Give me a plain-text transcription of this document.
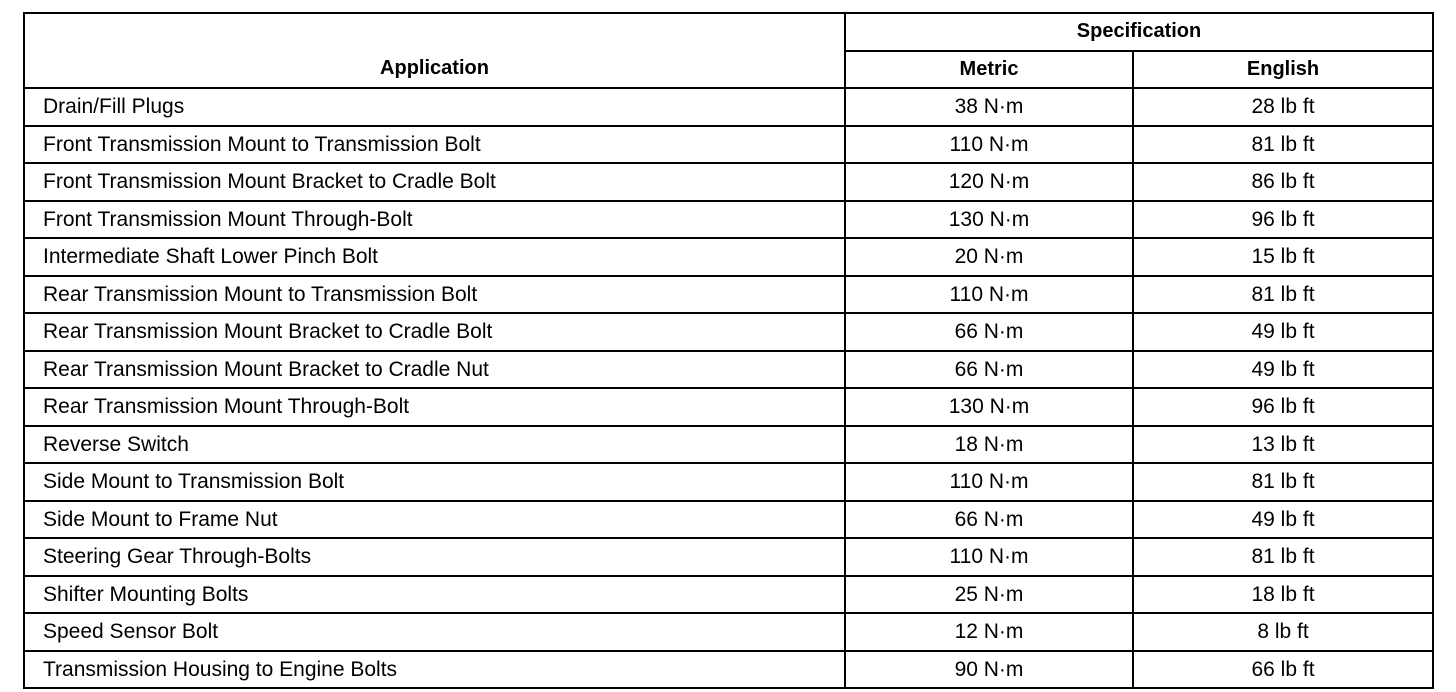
Application	Specification	
	Metric	English
Drain/Fill Plugs	38 N·m	28 lb ft
Front Transmission Mount to Transmission Bolt	110 N·m	81 lb ft
Front Transmission Mount Bracket to Cradle Bolt	120 N·m	86 lb ft
Front Transmission Mount Through-Bolt	130 N·m	96 lb ft
Intermediate Shaft Lower Pinch Bolt	20 N·m	15 lb ft
Rear Transmission Mount to Transmission Bolt	110 N·m	81 lb ft
Rear Transmission Mount Bracket to Cradle Bolt	66 N·m	49 lb ft
Rear Transmission Mount Bracket to Cradle Nut	66 N·m	49 lb ft
Rear Transmission Mount Through-Bolt	130 N·m	96 lb ft
Reverse Switch	18 N·m	13 lb ft
Side Mount to Transmission Bolt	110 N·m	81 lb ft
Side Mount to Frame Nut	66 N·m	49 lb ft
Steering Gear Through-Bolts	110 N·m	81 lb ft
Shifter Mounting Bolts	25 N·m	18 lb ft
Speed Sensor Bolt	12 N·m	8 lb ft
Transmission Housing to Engine Bolts	90 N·m	66 lb ft
